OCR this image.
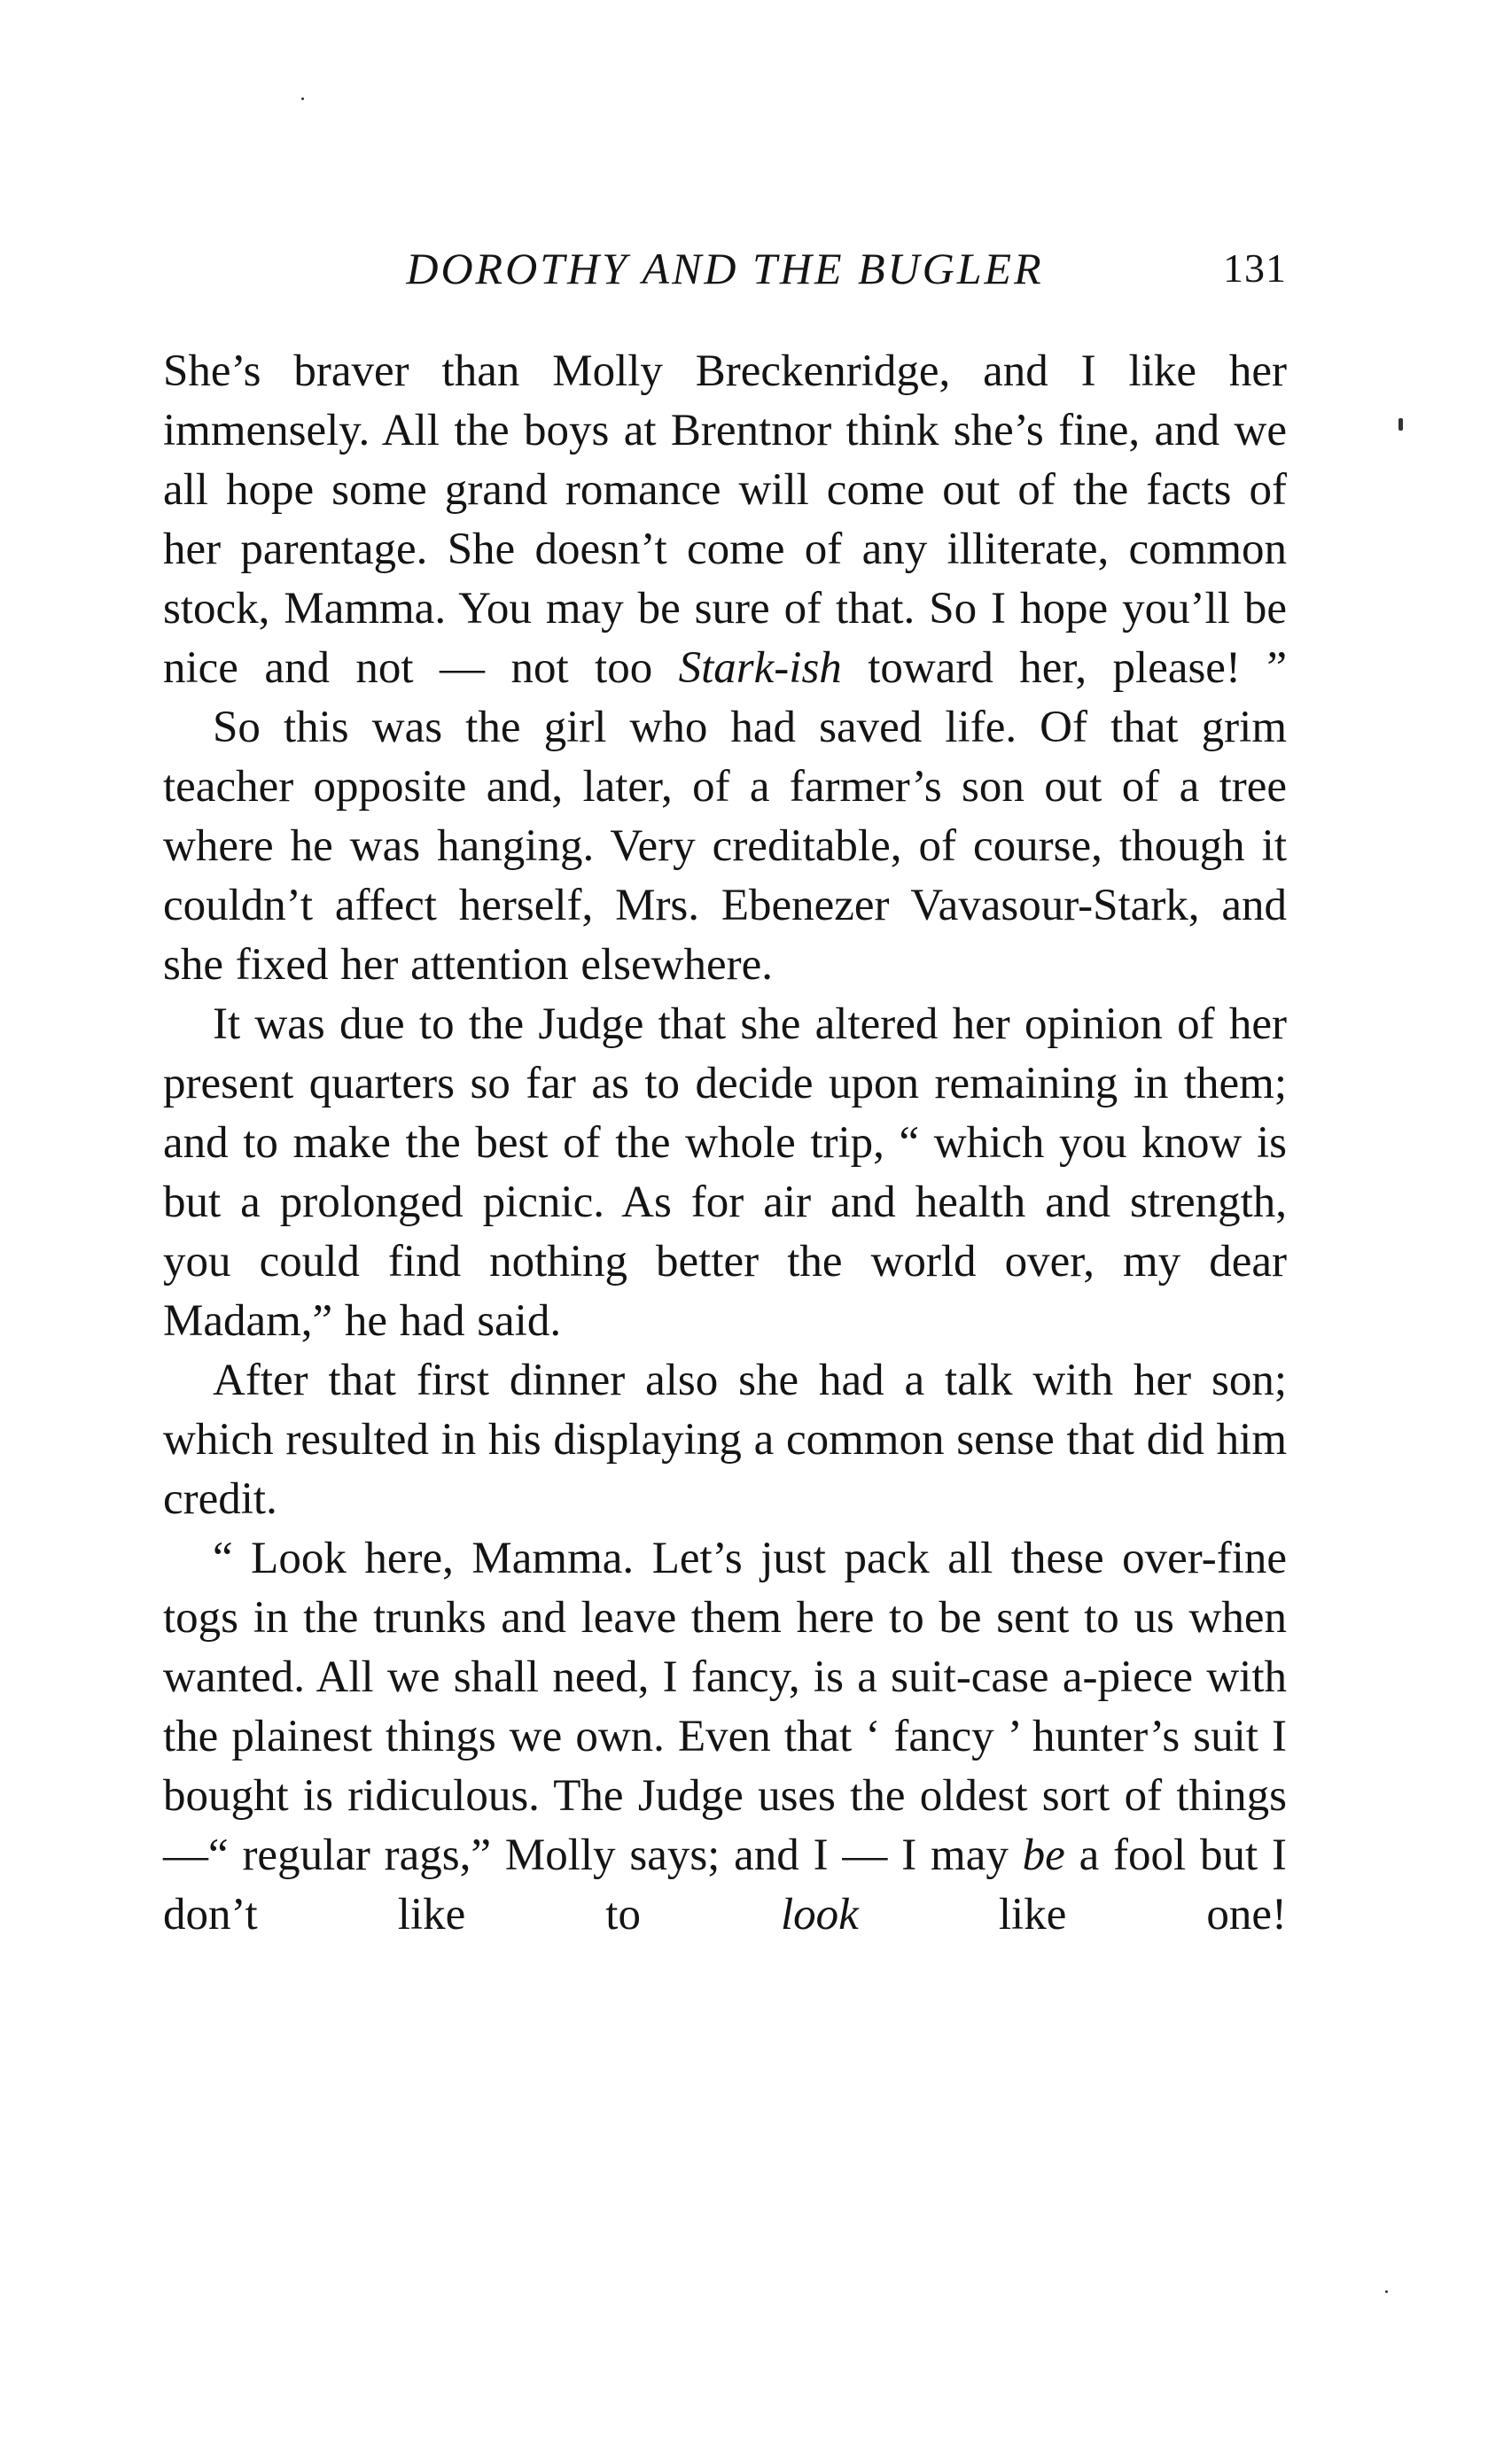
DOROTHY AND THE BUGLER	131

She’s braver than Molly Breckenridge, and I like her immensely. All the boys at Brentnor think she’s fine, and we all hope some grand romance will come out of the facts of her parentage. She doesn’t come of any illiterate, common stock, Mamma. You may be sure of that. So I hope you’ll be nice and not — not too Stark-ish toward her, please! ”

So this was the girl who had saved life. Of that grim teacher opposite and, later, of a farmer’s son out of a tree where he was hanging. Very creditable, of course, though it couldn’t affect herself, Mrs. Ebenezer Vavasour-Stark, and she fixed her attention elsewhere.

It was due to the Judge that she altered her opinion of her present quarters so far as to decide upon remaining in them; and to make the best of the whole trip, “ which you know is but a prolonged picnic. As for air and health and strength, you could find nothing better the world over, my dear Madam,” he had said.

After that first dinner also she had a talk with her son; which resulted in his displaying a common sense that did him credit.

“ Look here, Mamma. Let’s just pack all these over-fine togs in the trunks and leave them here to be sent to us when wanted. All we shall need, I fancy, is a suit-case a-piece with the plainest things we own. Even that ‘ fancy ’ hunter’s suit I bought is ridiculous. The Judge uses the oldest sort of things —“ regular rags,” Molly says; and I — I may be a fool but I don’t like to look like one!
